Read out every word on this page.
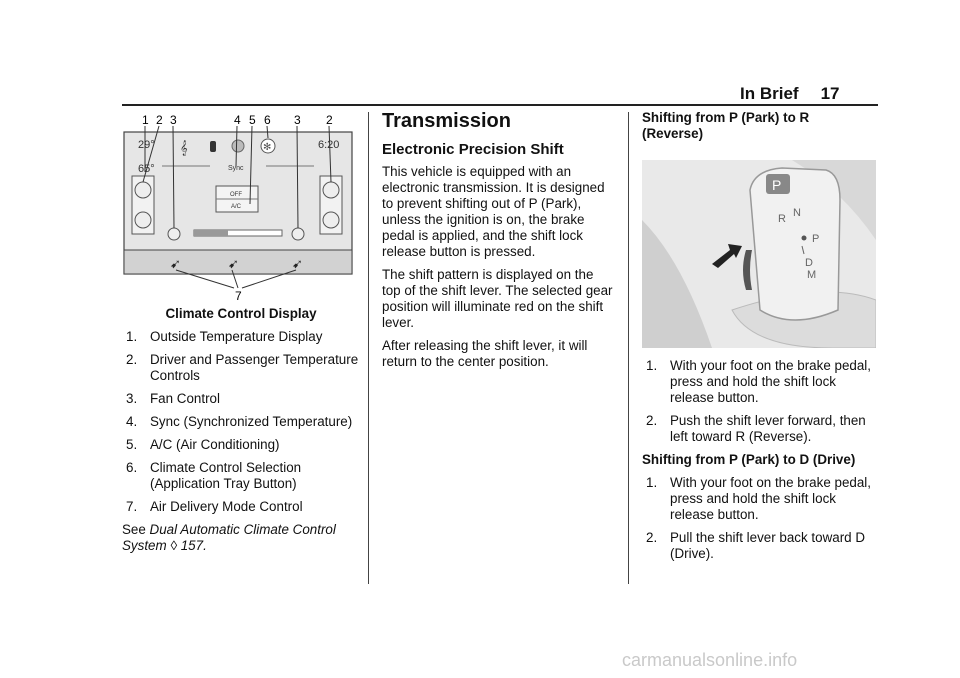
In Brief 17
1 2 3	4 5 6 3 2
29°
65°
6:20
𝄞	✻
Sync
OFF
A/C
➹	➹	➹
7

Climate Control Display

1. Outside Temperature Display
2. Driver and Passenger Temperature Controls
3. Fan Control
4. Sync (Synchronized Temperature)
5. A/C (Air Conditioning)
6. Climate Control Selection (Application Tray Button)
7. Air Delivery Mode Control

See Dual Automatic Climate Control System ◊ 157.

Transmission
Electronic Precision Shift

This vehicle is equipped with an electronic transmission. It is designed to prevent shifting out of P (Park), unless the ignition is on, the brake pedal is applied, and the shift lock release button is pressed.

The shift pattern is displayed on the top of the shift lever. The selected gear position will illuminate red on the shift lever.

After releasing the shift lever, it will return to the center position.

Shifting from P (Park) to R (Reverse)
P
R N
P
D
M
1. With your foot on the brake pedal, press and hold the shift lock release button.
2. Push the shift lever forward, then left toward R (Reverse).

Shifting from P (Park) to D (Drive)

1. With your foot on the brake pedal, press and hold the shift lock release button.
2. Pull the shift lever back toward D (Drive).
carmanualsonline.info
